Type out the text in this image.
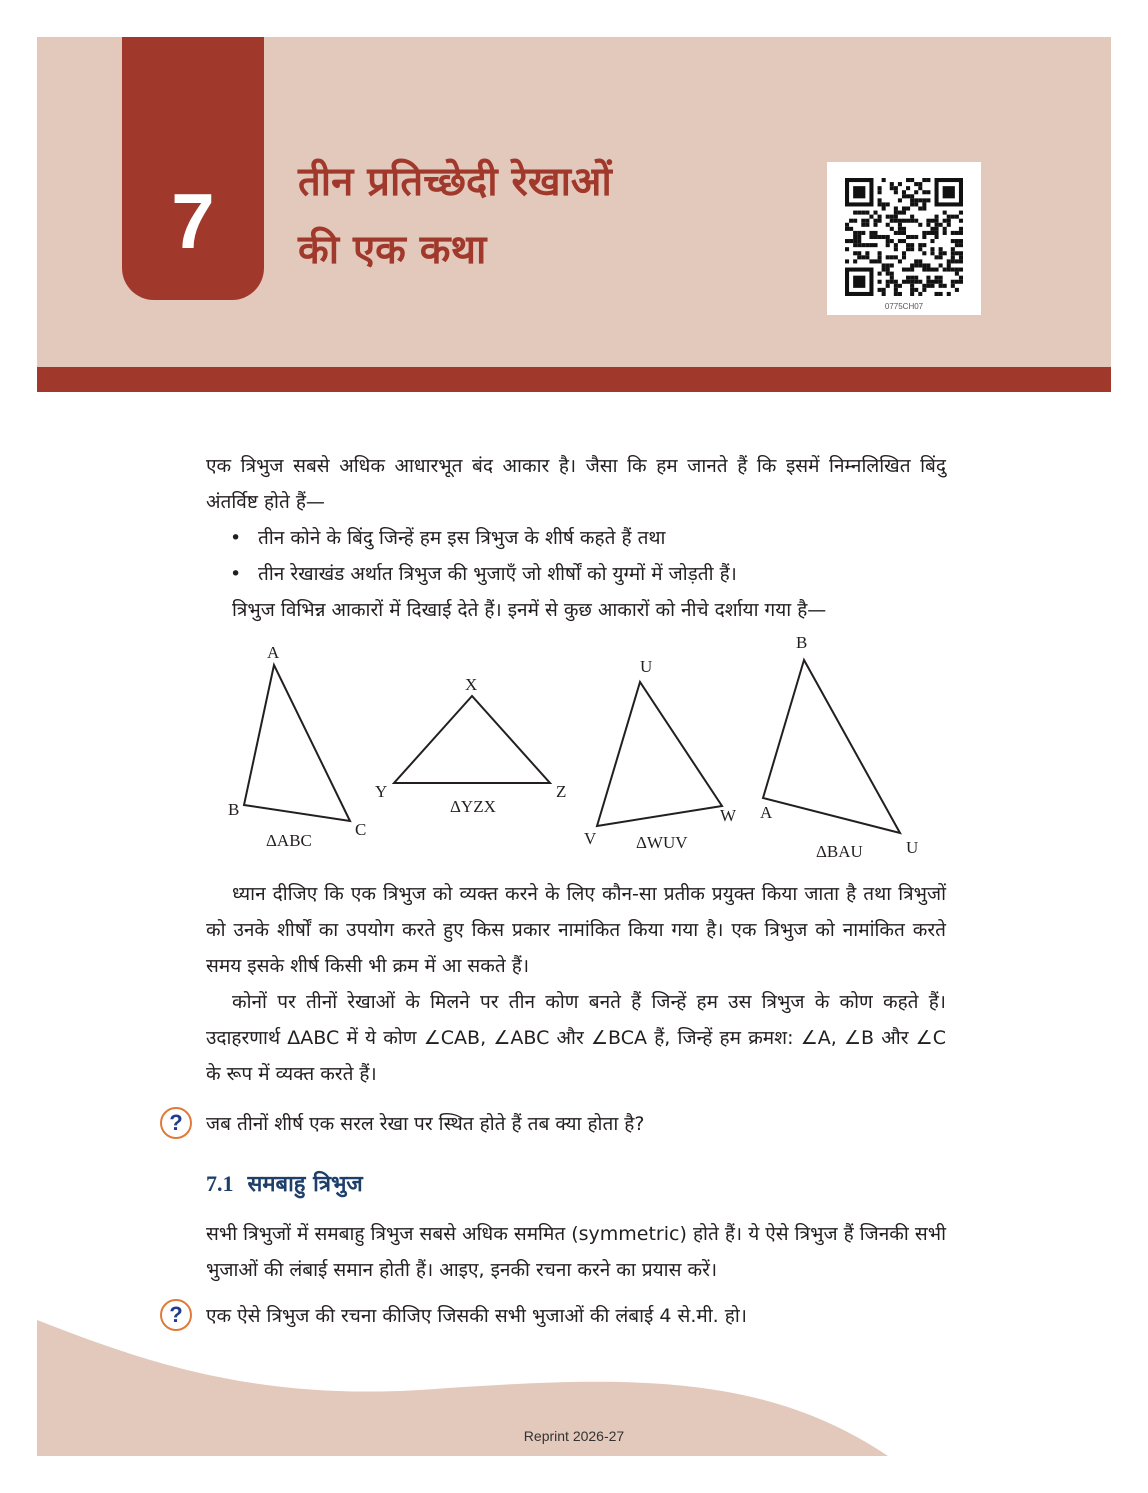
7	तीन प्रतिच्छेदी रेखाओं
की एक कथा
0775CH07

एक त्रिभुज सबसे अधिक आधारभूत बंद आकार है। जैसा कि हम जानते हैं कि इसमें निम्नलिखित बिंदु अंतर्विष्ट होते हैं—

• तीन कोने के बिंदु जिन्हें हम इस त्रिभुज के शीर्ष कहते हैं तथा
• तीन रेखाखंड अर्थात त्रिभुज की भुजाएँ जो शीर्षों को युग्मों में जोड़ती हैं।

त्रिभुज विभिन्न आकारों में दिखाई देते हैं। इनमें से कुछ आकारों को नीचे दर्शाया गया है—

A
B
C
ΔABC
X
Y	Z
ΔYZX
U
V
W
ΔWUV
B
A
U
ΔBAU

ध्यान दीजिए कि एक त्रिभुज को व्यक्त करने के लिए कौन-सा प्रतीक प्रयुक्त किया जाता है तथा त्रिभुजों को उनके शीर्षों का उपयोग करते हुए किस प्रकार नामांकित किया गया है। एक त्रिभुज को नामांकित करते समय इसके शीर्ष किसी भी क्रम में आ सकते हैं।

कोनों पर तीनों रेखाओं के मिलने पर तीन कोण बनते हैं जिन्हें हम उस त्रिभुज के कोण कहते हैं। उदाहरणार्थ ΔABC में ये कोण ∠CAB, ∠ABC और ∠BCA हैं, जिन्हें हम क्रमश: ∠A, ∠B और ∠C के रूप में व्यक्त करते हैं।

?	जब तीनों शीर्ष एक सरल रेखा पर स्थित होते हैं तब क्या होता है?
7.1 समबाहु त्रिभुज

सभी त्रिभुजों में समबाहु त्रिभुज सबसे अधिक सममित (symmetric) होते हैं। ये ऐसे त्रिभुज हैं जिनकी सभी भुजाओं की लंबाई समान होती हैं। आइए, इनकी रचना करने का प्रयास करें।

?	एक ऐसे त्रिभुज की रचना कीजिए जिसकी सभी भुजाओं की लंबाई 4 से.मी. हो।
Reprint 2026-27
